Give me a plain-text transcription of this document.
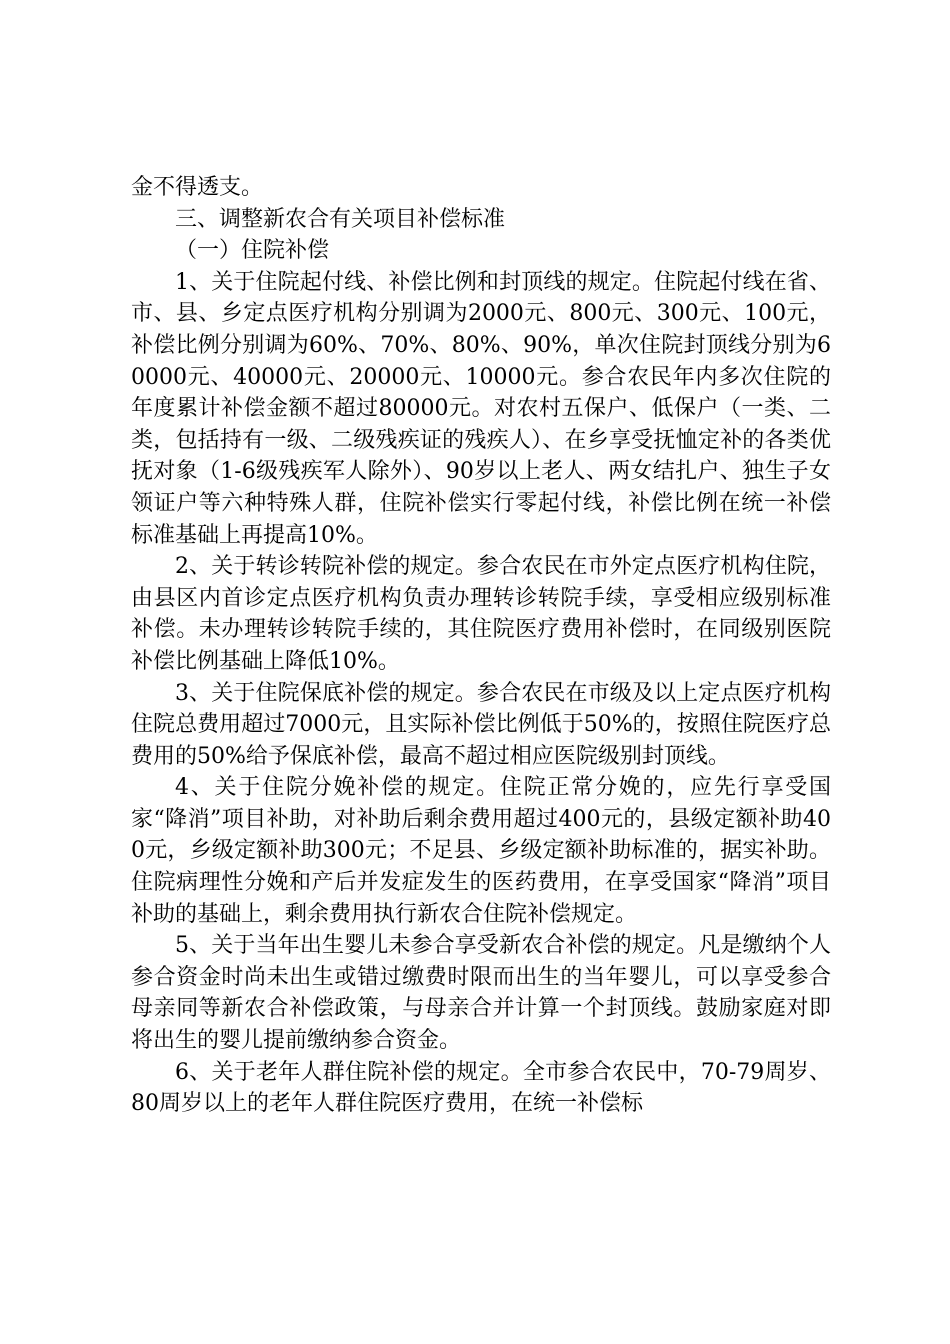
金不得透支。

三、调整新农合有关项目补偿标准

（一）住院补偿

1、关于住院起付线、补偿比例和封顶线的规定。住院起付线在省、市、县、乡定点医疗机构分别调为2000元、800元、300元、100元，补偿比例分别调为60%、70%、80%、90%，单次住院封顶线分别为60000元、40000元、20000元、10000元。参合农民年内多次住院的年度累计补偿金额不超过80000元。对农村五保户、低保户（一类、二类，包括持有一级、二级残疾证的残疾人）、在乡享受抚恤定补的各类优抚对象（1-6级残疾军人除外）、90岁以上老人、两女结扎户、独生子女领证户等六种特殊人群，住院补偿实行零起付线，补偿比例在统一补偿标准基础上再提高10%。

2、关于转诊转院补偿的规定。参合农民在市外定点医疗机构住院，由县区内首诊定点医疗机构负责办理转诊转院手续，享受相应级别标准补偿。未办理转诊转院手续的，其住院医疗费用补偿时，在同级别医院补偿比例基础上降低10%。

3、关于住院保底补偿的规定。参合农民在市级及以上定点医疗机构住院总费用超过7000元，且实际补偿比例低于50%的，按照住院医疗总费用的50%给予保底补偿，最高不超过相应医院级别封顶线。

4、关于住院分娩补偿的规定。住院正常分娩的，应先行享受国家“降消”项目补助，对补助后剩余费用超过400元的，县级定额补助400元，乡级定额补助300元；不足县、乡级定额补助标准的，据实补助。住院病理性分娩和产后并发症发生的医药费用，在享受国家“降消”项目补助的基础上，剩余费用执行新农合住院补偿规定。

5、关于当年出生婴儿未参合享受新农合补偿的规定。凡是缴纳个人参合资金时尚未出生或错过缴费时限而出生的当年婴儿，可以享受参合母亲同等新农合补偿政策，与母亲合并计算一个封顶线。鼓励家庭对即将出生的婴儿提前缴纳参合资金。

6、关于老年人群住院补偿的规定。全市参合农民中，70-79周岁、80周岁以上的老年人群住院医疗费用，在统一补偿标
